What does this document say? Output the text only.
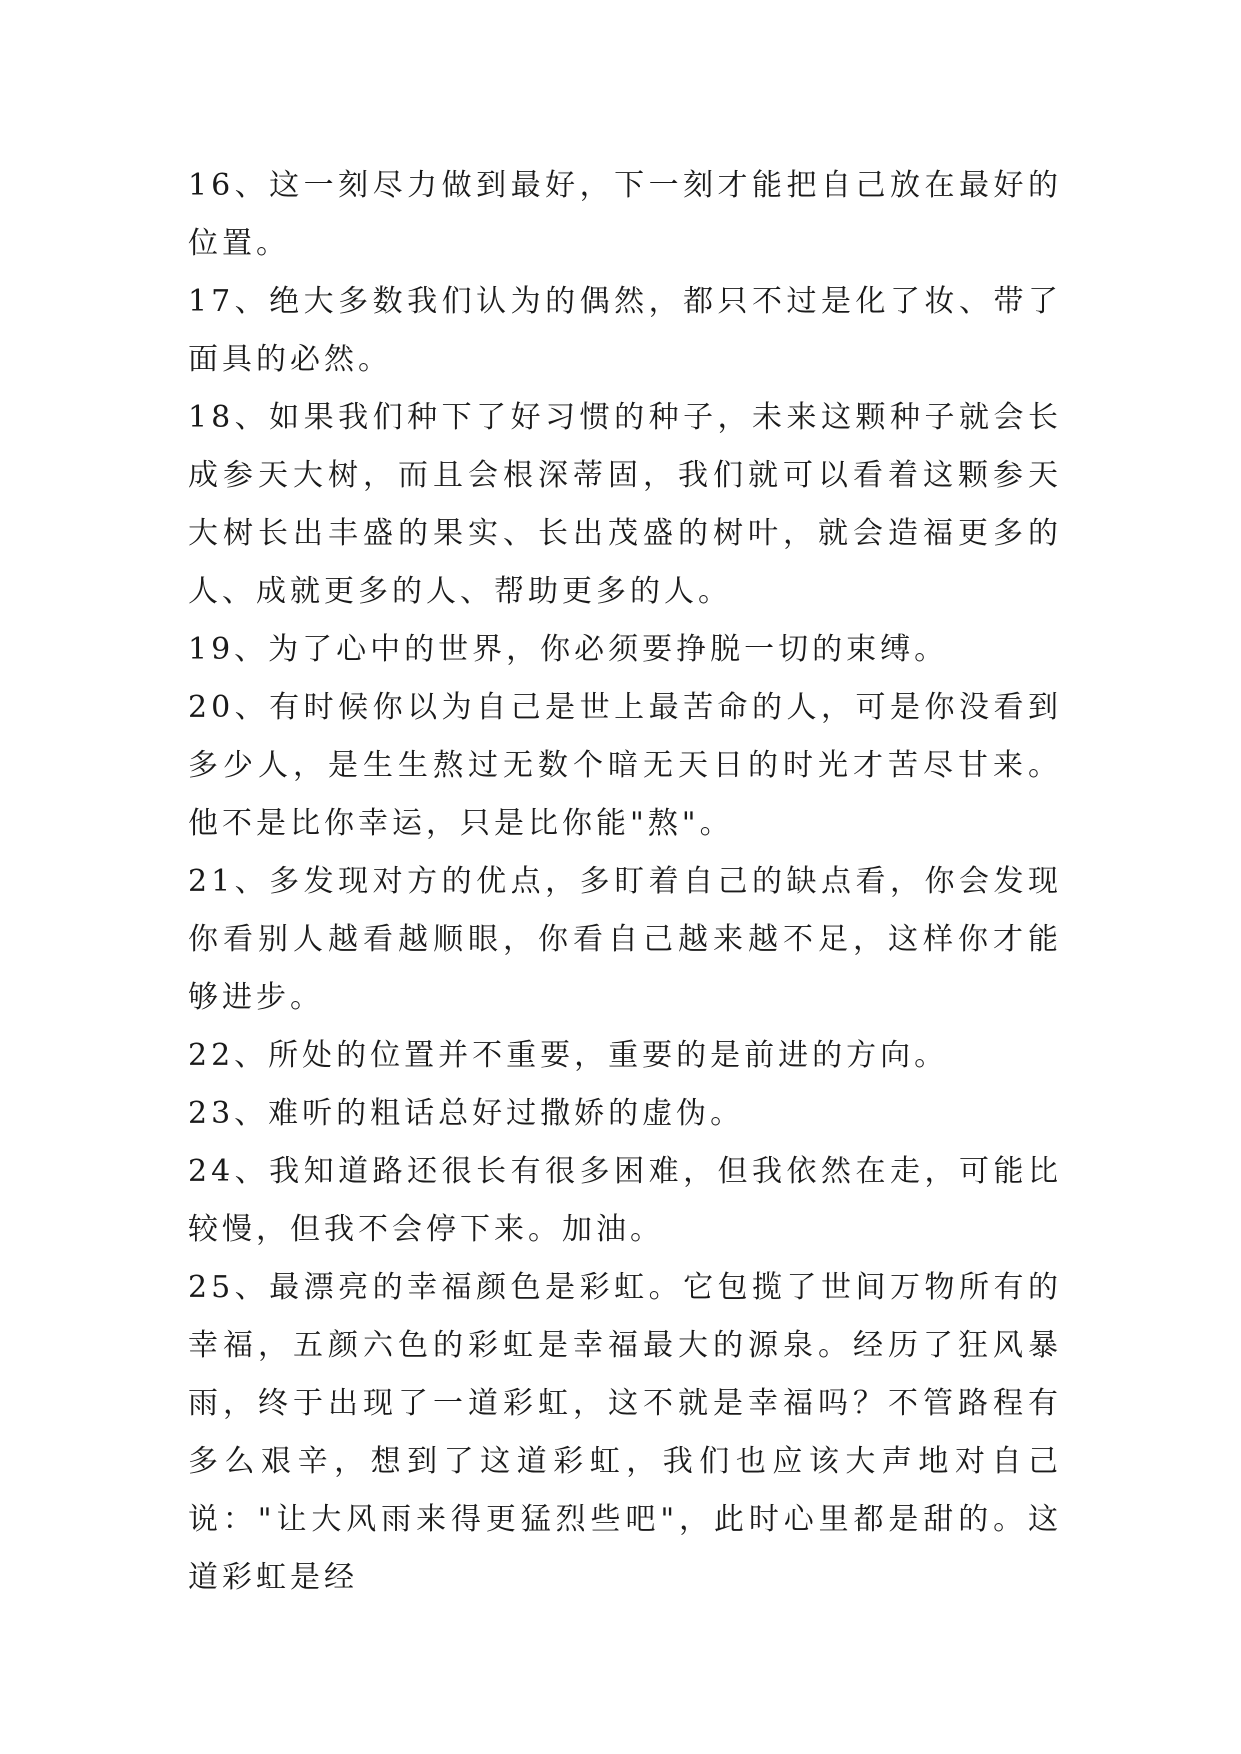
16、这一刻尽力做到最好，下一刻才能把自己放在最好的位置。

17、绝大多数我们认为的偶然，都只不过是化了妆、带了面具的必然。

18、如果我们种下了好习惯的种子，未来这颗种子就会长成参天大树，而且会根深蒂固，我们就可以看着这颗参天大树长出丰盛的果实、长出茂盛的树叶，就会造福更多的人、成就更多的人、帮助更多的人。

19、为了心中的世界，你必须要挣脱一切的束缚。

20、有时候你以为自己是世上最苦命的人，可是你没看到多少人，是生生熬过无数个暗无天日的时光才苦尽甘来。他不是比你幸运，只是比你能"熬"。

21、多发现对方的优点，多盯着自己的缺点看，你会发现你看别人越看越顺眼，你看自己越来越不足，这样你才能够进步。

22、所处的位置并不重要，重要的是前进的方向。

23、难听的粗话总好过撒娇的虚伪。

24、我知道路还很长有很多困难，但我依然在走，可能比较慢，但我不会停下来。加油。

25、最漂亮的幸福颜色是彩虹。它包揽了世间万物所有的幸福，五颜六色的彩虹是幸福最大的源泉。经历了狂风暴雨，终于出现了一道彩虹，这不就是幸福吗？不管路程有多么艰辛，想到了这道彩虹，我们也应该大声地对自己说："让大风雨来得更猛烈些吧"，此时心里都是甜的。这道彩虹是经
